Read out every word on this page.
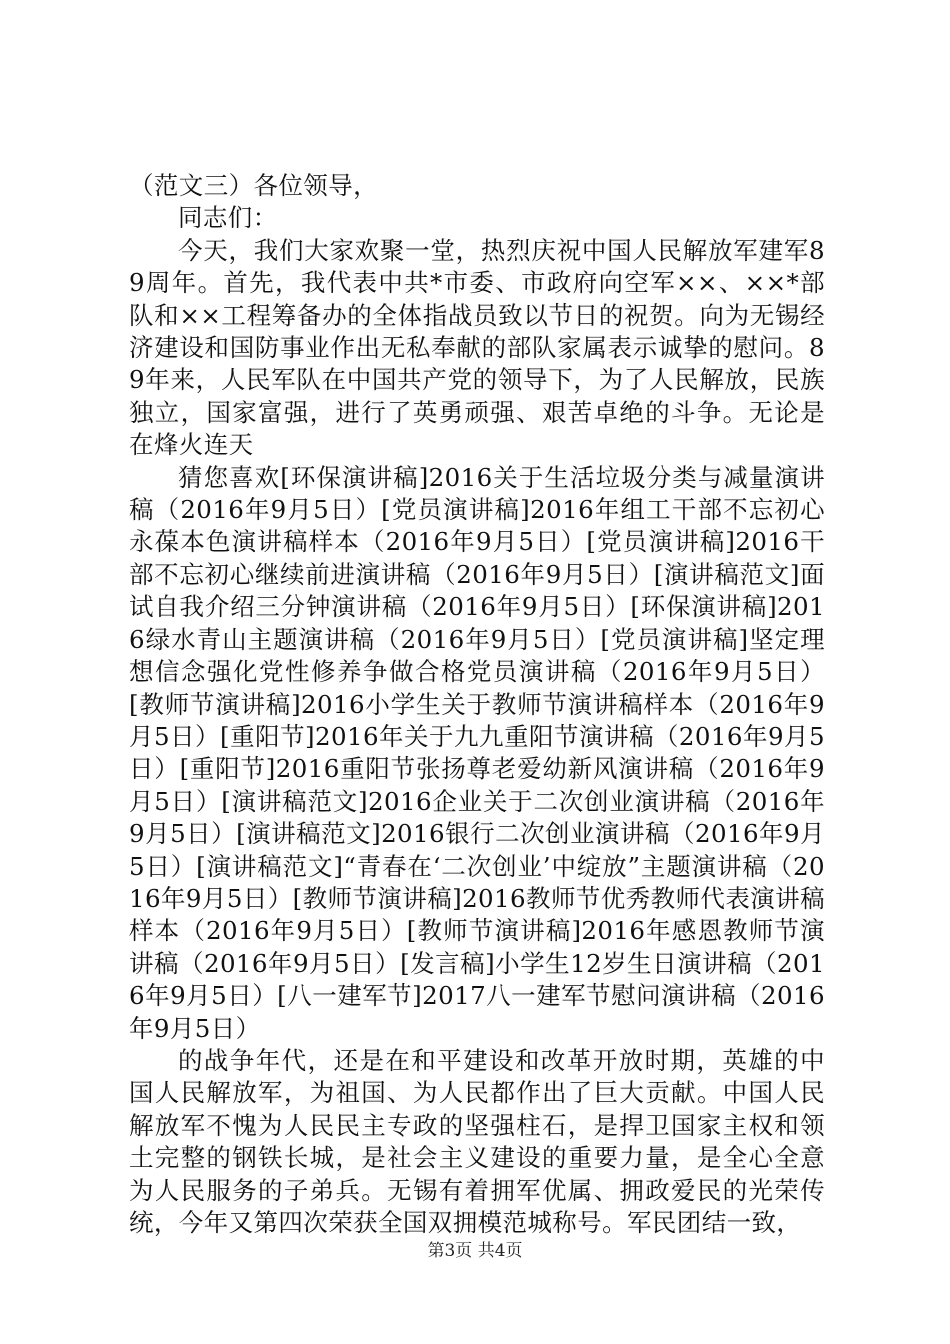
（范文三）各位领导，

同志们：

今天，我们大家欢聚一堂，热烈庆祝中国人民解放军建军89周年。首先，我代表中共*市委、市政府向空军××、××*部队和××工程筹备办的全体指战员致以节日的祝贺。向为无锡经济建设和国防事业作出无私奉献的部队家属表示诚挚的慰问。89年来，人民军队在中国共产党的领导下，为了人民解放，民族独立，国家富强，进行了英勇顽强、艰苦卓绝的斗争。无论是在烽火连天

猜您喜欢[环保演讲稿]2016关于生活垃圾分类与减量演讲稿（2016年9月5日）[党员演讲稿]2016年组工干部不忘初心永葆本色演讲稿样本（2016年9月5日）[党员演讲稿]2016干部不忘初心继续前进演讲稿（2016年9月5日）[演讲稿范文]面试自我介绍三分钟演讲稿（2016年9月5日）[环保演讲稿]2016绿水青山主题演讲稿（2016年9月5日）[党员演讲稿]坚定理想信念强化党性修养争做合格党员演讲稿（2016年9月5日）[教师节演讲稿]2016小学生关于教师节演讲稿样本（2016年9月5日）[重阳节]2016年关于九九重阳节演讲稿（2016年9月5日）[重阳节]2016重阳节张扬尊老爱幼新风演讲稿（2016年9月5日）[演讲稿范文]2016企业关于二次创业演讲稿（2016年9月5日）[演讲稿范文]2016银行二次创业演讲稿（2016年9月5日）[演讲稿范文]“青春在‘二次创业’中绽放”主题演讲稿（2016年9月5日）[教师节演讲稿]2016教师节优秀教师代表演讲稿样本（2016年9月5日）[教师节演讲稿]2016年感恩教师节演讲稿（2016年9月5日）[发言稿]小学生12岁生日演讲稿（2016年9月5日）[八一建军节]2017八一建军节慰问演讲稿（2016年9月5日）

的战争年代，还是在和平建设和改革开放时期，英雄的中国人民解放军，为祖国、为人民都作出了巨大贡献。中国人民解放军不愧为人民民主专政的坚强柱石，是捍卫国家主权和领土完整的钢铁长城，是社会主义建设的重要力量，是全心全意为人民服务的子弟兵。无锡有着拥军优属、拥政爱民的光荣传统，今年又第四次荣获全国双拥模范城称号。军民团结一致，

第3页 共4页
